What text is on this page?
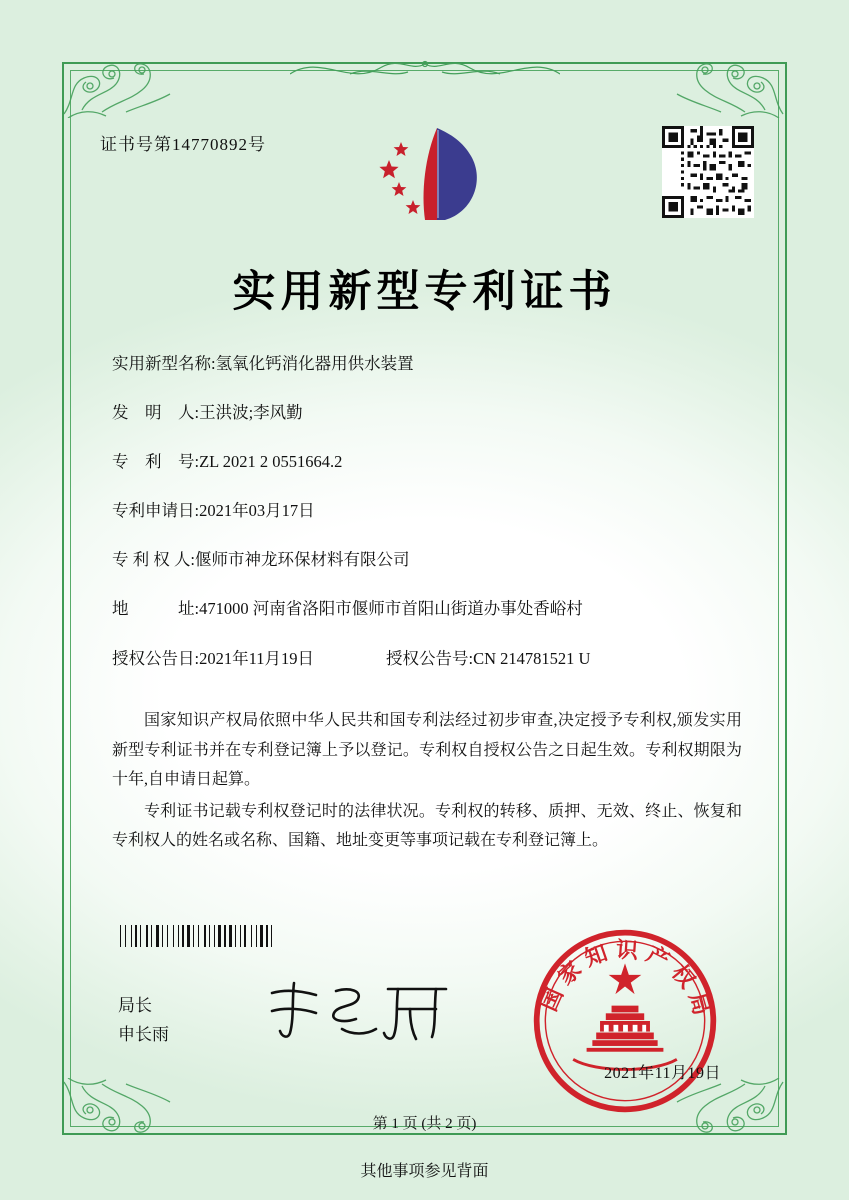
证书号第14770892号
实用新型专利证书
实用新型名称: 氢氧化钙消化器用供水装置
发　明　人: 王洪波;李风勤
专　利　号: ZL 2021 2 0551664.2
专利申请日: 2021年03月17日
专 利 权 人: 偃师市神龙环保材料有限公司
地　　　址: 471000 河南省洛阳市偃师市首阳山街道办事处香峪村
授权公告日: 2021年11月19日	授权公告号: CN 214781521 U

国家知识产权局依照中华人民共和国专利法经过初步审查,决定授予专利权,颁发实用新型专利证书并在专利登记簿上予以登记。专利权自授权公告之日起生效。专利权期限为十年,自申请日起算。

专利证书记载专利权登记时的法律状况。专利权的转移、质押、无效、终止、恢复和专利权人的姓名或名称、国籍、地址变更等事项记载在专利登记簿上。

局长
申长雨
国家知识产权局
2021年11月19日
第 1 页 (共 2 页)
其他事项参见背面
